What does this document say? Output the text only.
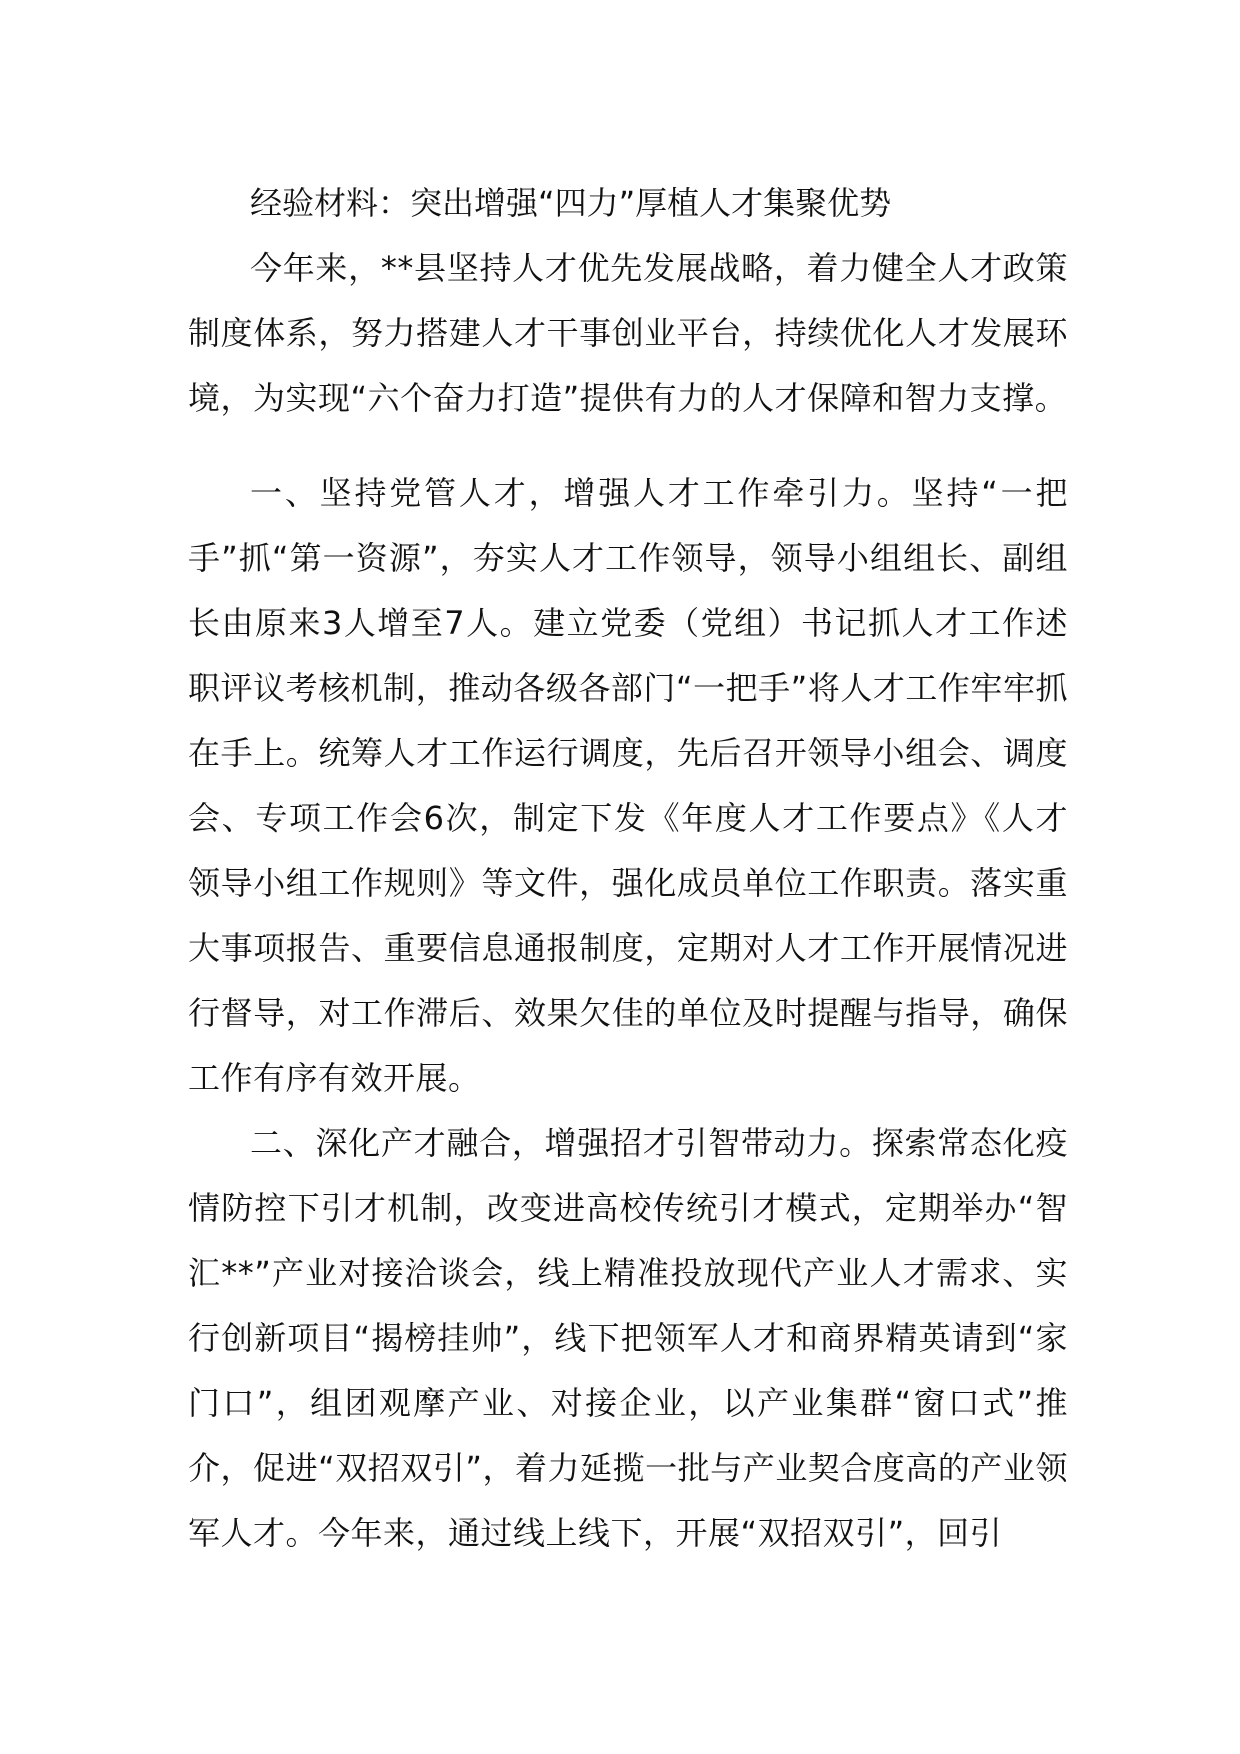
经验材料：突出增强“四力”厚植人才集聚优势

今年来，**县坚持人才优先发展战略，着力健全人才政策制度体系，努力搭建人才干事创业平台，持续优化人才发展环境，为实现“六个奋力打造”提供有力的人才保障和智力支撑。

一、坚持党管人才，增强人才工作牵引力。坚持“一把手”抓“第一资源”，夯实人才工作领导，领导小组组长、副组长由原来3人增至7人。建立党委（党组）书记抓人才工作述职评议考核机制，推动各级各部门“一把手”将人才工作牢牢抓在手上。统筹人才工作运行调度，先后召开领导小组会、调度会、专项工作会6次，制定下发《年度人才工作要点》《人才领导小组工作规则》等文件，强化成员单位工作职责。落实重大事项报告、重要信息通报制度，定期对人才工作开展情况进行督导，对工作滞后、效果欠佳的单位及时提醒与指导，确保工作有序有效开展。

二、深化产才融合，增强招才引智带动力。探索常态化疫情防控下引才机制，改变进高校传统引才模式，定期举办“智汇**”产业对接洽谈会，线上精准投放现代产业人才需求、实行创新项目“揭榜挂帅”，线下把领军人才和商界精英请到“家门口”，组团观摩产业、对接企业，以产业集群“窗口式”推介，促进“双招双引”，着力延揽一批与产业契合度高的产业领军人才。今年来，通过线上线下，开展“双招双引”，回引
